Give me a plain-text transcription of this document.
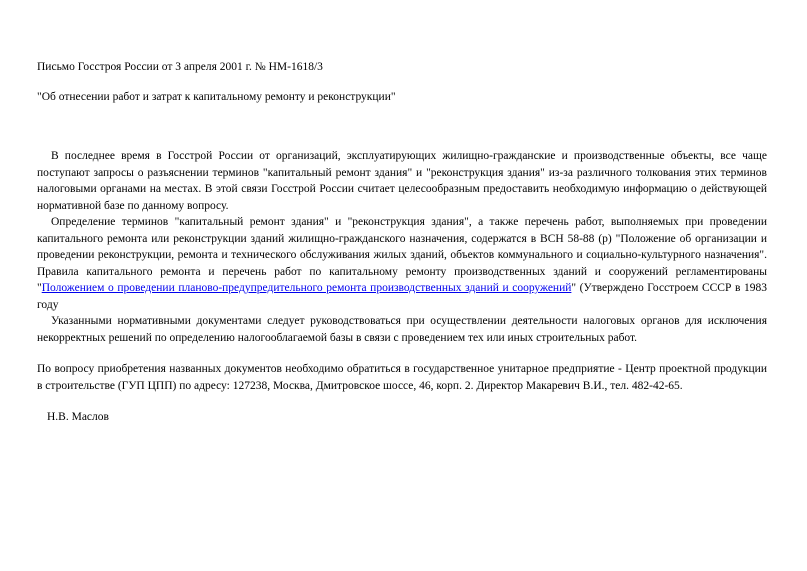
Письмо Госстроя России от 3 апреля 2001 г. № НМ-1618/3

"Об отнесении работ и затрат к капитальному ремонту и реконструкции"

В последнее время в Госстрой России от организаций, эксплуатирующих жилищно-гражданские и производственные объекты, все чаще поступают запросы о разъяснении терминов "капитальный ремонт здания" и "реконструкция здания" из-за различного толкования этих терминов налоговыми органами на местах. В этой связи Госстрой России считает целесообразным предоставить необходимую информацию о действующей нормативной базе по данному вопросу.

Определение терминов "капитальный ремонт здания" и "реконструкция здания", а также перечень работ, выполняемых при проведении капитального ремонта или реконструкции зданий жилищно-гражданского назначения, содержатся в ВСН 58-88 (р) "Положение об организации и проведении реконструкции, ремонта и технического обслуживания жилых зданий, объектов коммунального и социально-культурного назначения". Правила капитального ремонта и перечень работ по капитальному ремонту производственных зданий и сооружений регламентированы "Положением о проведении планово-предупредительного ремонта производственных зданий и сооружений" (Утверждено Госстроем СССР в 1983 году

Указанными нормативными документами следует руководствоваться при осуществлении деятельности налоговых органов для исключения некорректных решений по определению налогооблагаемой базы в связи с проведением тех или иных строительных работ.

По вопросу приобретения названных документов необходимо обратиться в государственное унитарное предприятие - Центр проектной продукции в строительстве (ГУП ЦПП) по адресу: 127238, Москва, Дмитровское шоссе, 46, корп. 2. Директор Макаревич В.И., тел. 482-42-65.

Н.В. Маслов
